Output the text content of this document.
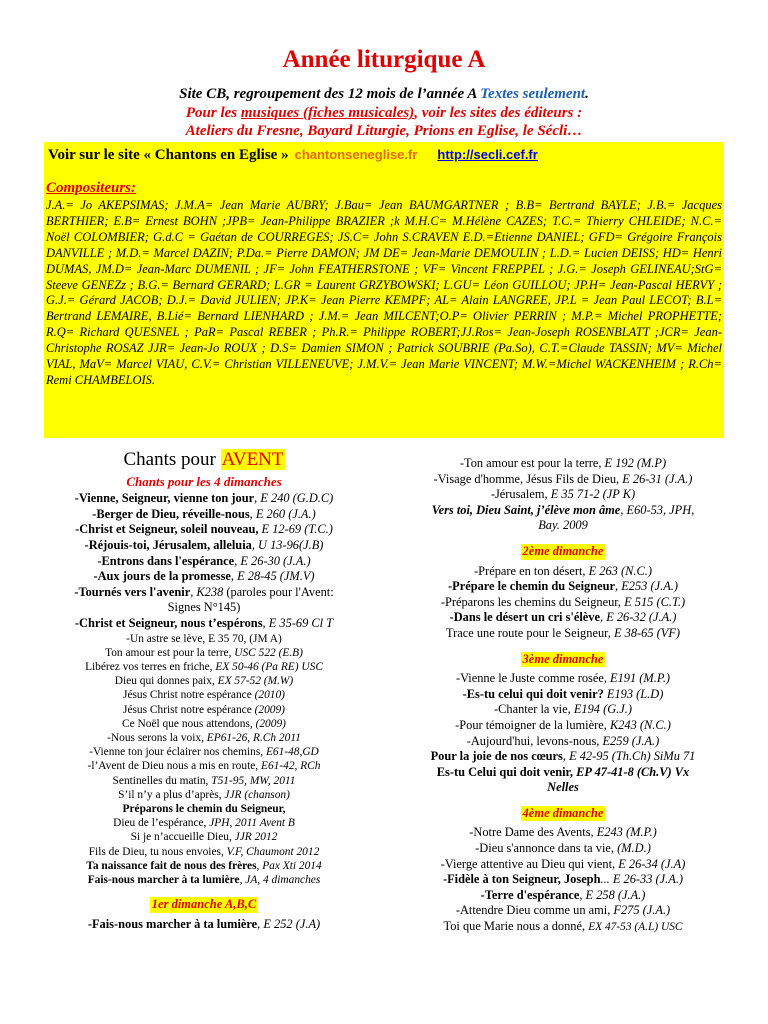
Année liturgique A
Site CB, regroupement des 12 mois de l’année A Textes seulement.
Pour les musiques (fiches musicales), voir les sites des éditeurs :
Ateliers du Fresne, Bayard Liturgie, Prions en Eglise, le Sécli…
Voir sur le site « Chantons en Eglise » chantonseneglise.fr http://secli.cef.fr
Compositeurs:
J.A.= Jo AKEPSIMAS; J.M.A= Jean Marie AUBRY; J.Bau= Jean BAUMGARTNER ; B.B= Bertrand BAYLE; J.B.= Jacques BERTHIER; E.B= Ernest BOHN ;JPB= Jean-Philippe BRAZIER ;k M.H.C= M.Hélène CAZES; T.C.= Thierry CHLEIDE; N.C.= Noël COLOMBIER; G.d.C = Gaétan de COURREGES; JS.C= John S.CRAVEN E.D.=Etienne DANIEL; GFD= Grégoire François DANVILLE ; M.D.= Marcel DAZIN; P.Da.= Pierre DAMON; JM DE= Jean-Marie DEMOULIN ; L.D.= Lucien DEISS; HD= Henri DUMAS, JM.D= Jean-Marc DUMENIL ; JF= John FEATHERSTONE ; VF= Vincent FREPPEL ; J.G.= Joseph GELINEAU;StG= Steeve GENEZz ; B.G.= Bernard GERARD; L.GR = Laurent GRZYBOWSKI; L.GU= Léon GUILLOU; JP.H= Jean-Pascal HERVY ; G.J.= Gérard JACOB; D.J.= David JULIEN; JP.K= Jean Pierre KEMPF; AL= Alain LANGREE, JP.L = Jean Paul LECOT; B.L= Bertrand LEMAIRE, B.Lié= Bernard LIENHARD ; J.M.= Jean MILCENT;O.P= Olivier PERRIN ; M.P.= Michel PROPHETTE; R.Q= Richard QUESNEL ; PaR= Pascal REBER ; Ph.R.= Philippe ROBERT;JJ.Ros= Jean-Joseph ROSENBLATT ;JCR= Jean-Christophe ROSAZ JJR= Jean-Jo ROUX ; D.S= Damien SIMON ; Patrick SOUBRIE (Pa.So), C.T.=Claude TASSIN; MV= Michel VIAL, MaV= Marcel VIAU, C.V.= Christian VILLENEUVE; J.M.V.= Jean Marie VINCENT; M.W.=Michel WACKENHEIM ; R.Ch= Remi CHAMBELOIS.
Chants pour AVENT
Chants pour les 4 dimanches
-Vienne, Seigneur, vienne ton jour, E 240 (G.D.C)
-Berger de Dieu, réveille-nous, E 260 (J.A.)
-Christ et Seigneur, soleil nouveau, E 12-69 (T.C.)
-Réjouis-toi, Jérusalem, alleluia, U 13-96(J.B)
-Entrons dans l'espérance, E 26-30 (J.A.)
-Aux jours de la promesse, E 28-45 (JM.V)
-Tournés vers l'avenir, K238 (paroles pour l'Avent:
Signes N°145)
-Christ et Seigneur, nous t’espérons, E 35-69 Cl T
-Un astre se lève, E 35 70, (JM A)
Ton amour est pour la terre, USC 522 (E.B)
Libérez vos terres en friche, EX 50-46 (Pa RE) USC
Dieu qui donnes paix, EX 57-52 (M.W)
Jésus Christ notre espérance (2010)
Jésus Christ notre espérance (2009)
Ce Noël que nous attendons, (2009)
-Nous serons la voix, EP61-26, R.Ch 2011
-Vienne ton jour éclairer nos chemins, E61-48,GD
-l’Avent de Dieu nous a mis en route, E61-42, RCh
Sentinelles du matin, T51-95, MW, 2011
S’il n’y a plus d’après, JJR (chanson)
Préparons le chemin du Seigneur,
Dieu de l’espérance, JPH, 2011 Avent B
Si je n’accueille Dieu, JJR 2012
Fils de Dieu, tu nous envoies, V.F, Chaumont 2012
Ta naissance fait de nous des frères, Pax Xti 2014
Fais-nous marcher à ta lumière, JA, 4 dimanches
1er dimanche A,B,C
-Fais-nous marcher à ta lumière, E 252 (J.A)
-Ton amour est pour la terre, E 192 (M.P)
-Visage d'homme, Jésus Fils de Dieu, E 26-31 (J.A.)
-Jérusalem, E 35 71-2 (JP K)
Vers toi, Dieu Saint, j’élève mon âme, E60-53, JPH,
Bay. 2009
2ème dimanche
-Prépare en ton désert, E 263 (N.C.)
-Prépare le chemin du Seigneur, E253 (J.A.)
-Préparons les chemins du Seigneur, E 515 (C.T.)
-Dans le désert un cri s'élève, E 26-32 (J.A.)
Trace une route pour le Seigneur, E 38-65 (VF)
3ème dimanche
-Vienne le Juste comme rosée, E191 (M.P.)
-Es-tu celui qui doit venir? E193 (L.D)
-Chanter la vie, E194 (G.J.)
-Pour témoigner de la lumière, K243 (N.C.)
-Aujourd'hui, levons-nous, E259 (J.A.)
Pour la joie de nos cœurs, E 42-95 (Th.Ch) SiMu 71
Es-tu Celui qui doit venir, EP 47-41-8 (Ch.V) Vx
Nelles
4ème dimanche
-Notre Dame des Avents, E243 (M.P.)
-Dieu s'annonce dans ta vie, (M.D.)
-Vierge attentive au Dieu qui vient, E 26-34 (J.A)
-Fidèle à ton Seigneur, Joseph... E 26-33 (J.A.)
-Terre d'espérance, E 258 (J.A.)
-Attendre Dieu comme un ami, F275 (J.A.)
Toi que Marie nous a donné, EX 47-53 (A.L) USC
